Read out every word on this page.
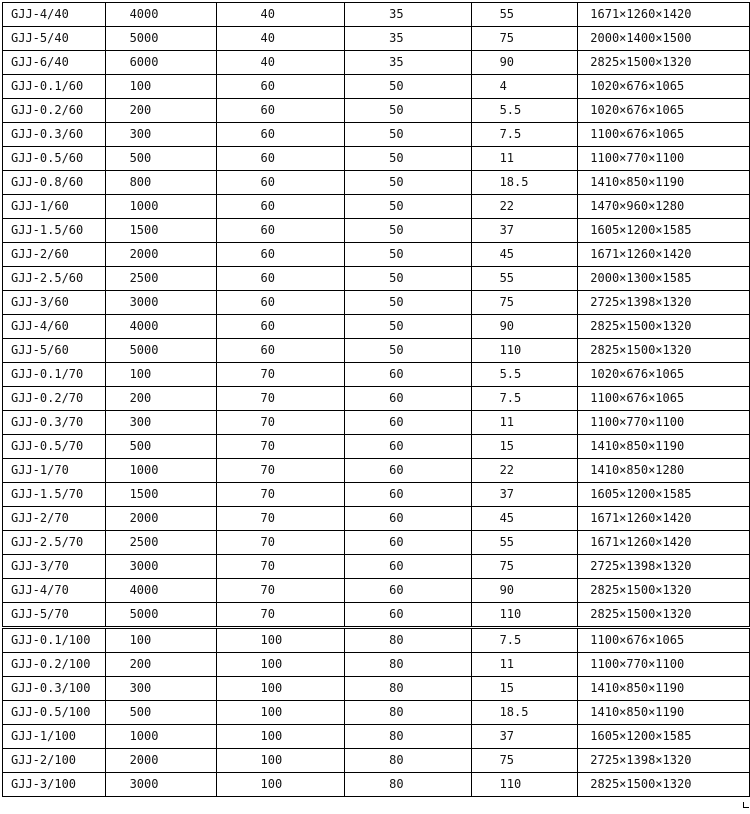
GJJ-4/40	4000	40	35	55	1671×1260×1420
GJJ-5/40	5000	40	35	75	2000×1400×1500
GJJ-6/40	6000	40	35	90	2825×1500×1320
GJJ-0.1/60	100	60	50	4	1020×676×1065
GJJ-0.2/60	200	60	50	5.5	1020×676×1065
GJJ-0.3/60	300	60	50	7.5	1100×676×1065
GJJ-0.5/60	500	60	50	11	1100×770×1100
GJJ-0.8/60	800	60	50	18.5	1410×850×1190
GJJ-1/60	1000	60	50	22	1470×960×1280
GJJ-1.5/60	1500	60	50	37	1605×1200×1585
GJJ-2/60	2000	60	50	45	1671×1260×1420
GJJ-2.5/60	2500	60	50	55	2000×1300×1585
GJJ-3/60	3000	60	50	75	2725×1398×1320
GJJ-4/60	4000	60	50	90	2825×1500×1320
GJJ-5/60	5000	60	50	110	2825×1500×1320
GJJ-0.1/70	100	70	60	5.5	1020×676×1065
GJJ-0.2/70	200	70	60	7.5	1100×676×1065
GJJ-0.3/70	300	70	60	11	1100×770×1100
GJJ-0.5/70	500	70	60	15	1410×850×1190
GJJ-1/70	1000	70	60	22	1410×850×1280
GJJ-1.5/70	1500	70	60	37	1605×1200×1585
GJJ-2/70	2000	70	60	45	1671×1260×1420
GJJ-2.5/70	2500	70	60	55	1671×1260×1420
GJJ-3/70	3000	70	60	75	2725×1398×1320
GJJ-4/70	4000	70	60	90	2825×1500×1320
GJJ-5/70	5000	70	60	110	2825×1500×1320
GJJ-0.1/100	100	100	80	7.5	1100×676×1065
GJJ-0.2/100	200	100	80	11	1100×770×1100
GJJ-0.3/100	300	100	80	15	1410×850×1190
GJJ-0.5/100	500	100	80	18.5	1410×850×1190
GJJ-1/100	1000	100	80	37	1605×1200×1585
GJJ-2/100	2000	100	80	75	2725×1398×1320
GJJ-3/100	3000	100	80	110	2825×1500×1320
